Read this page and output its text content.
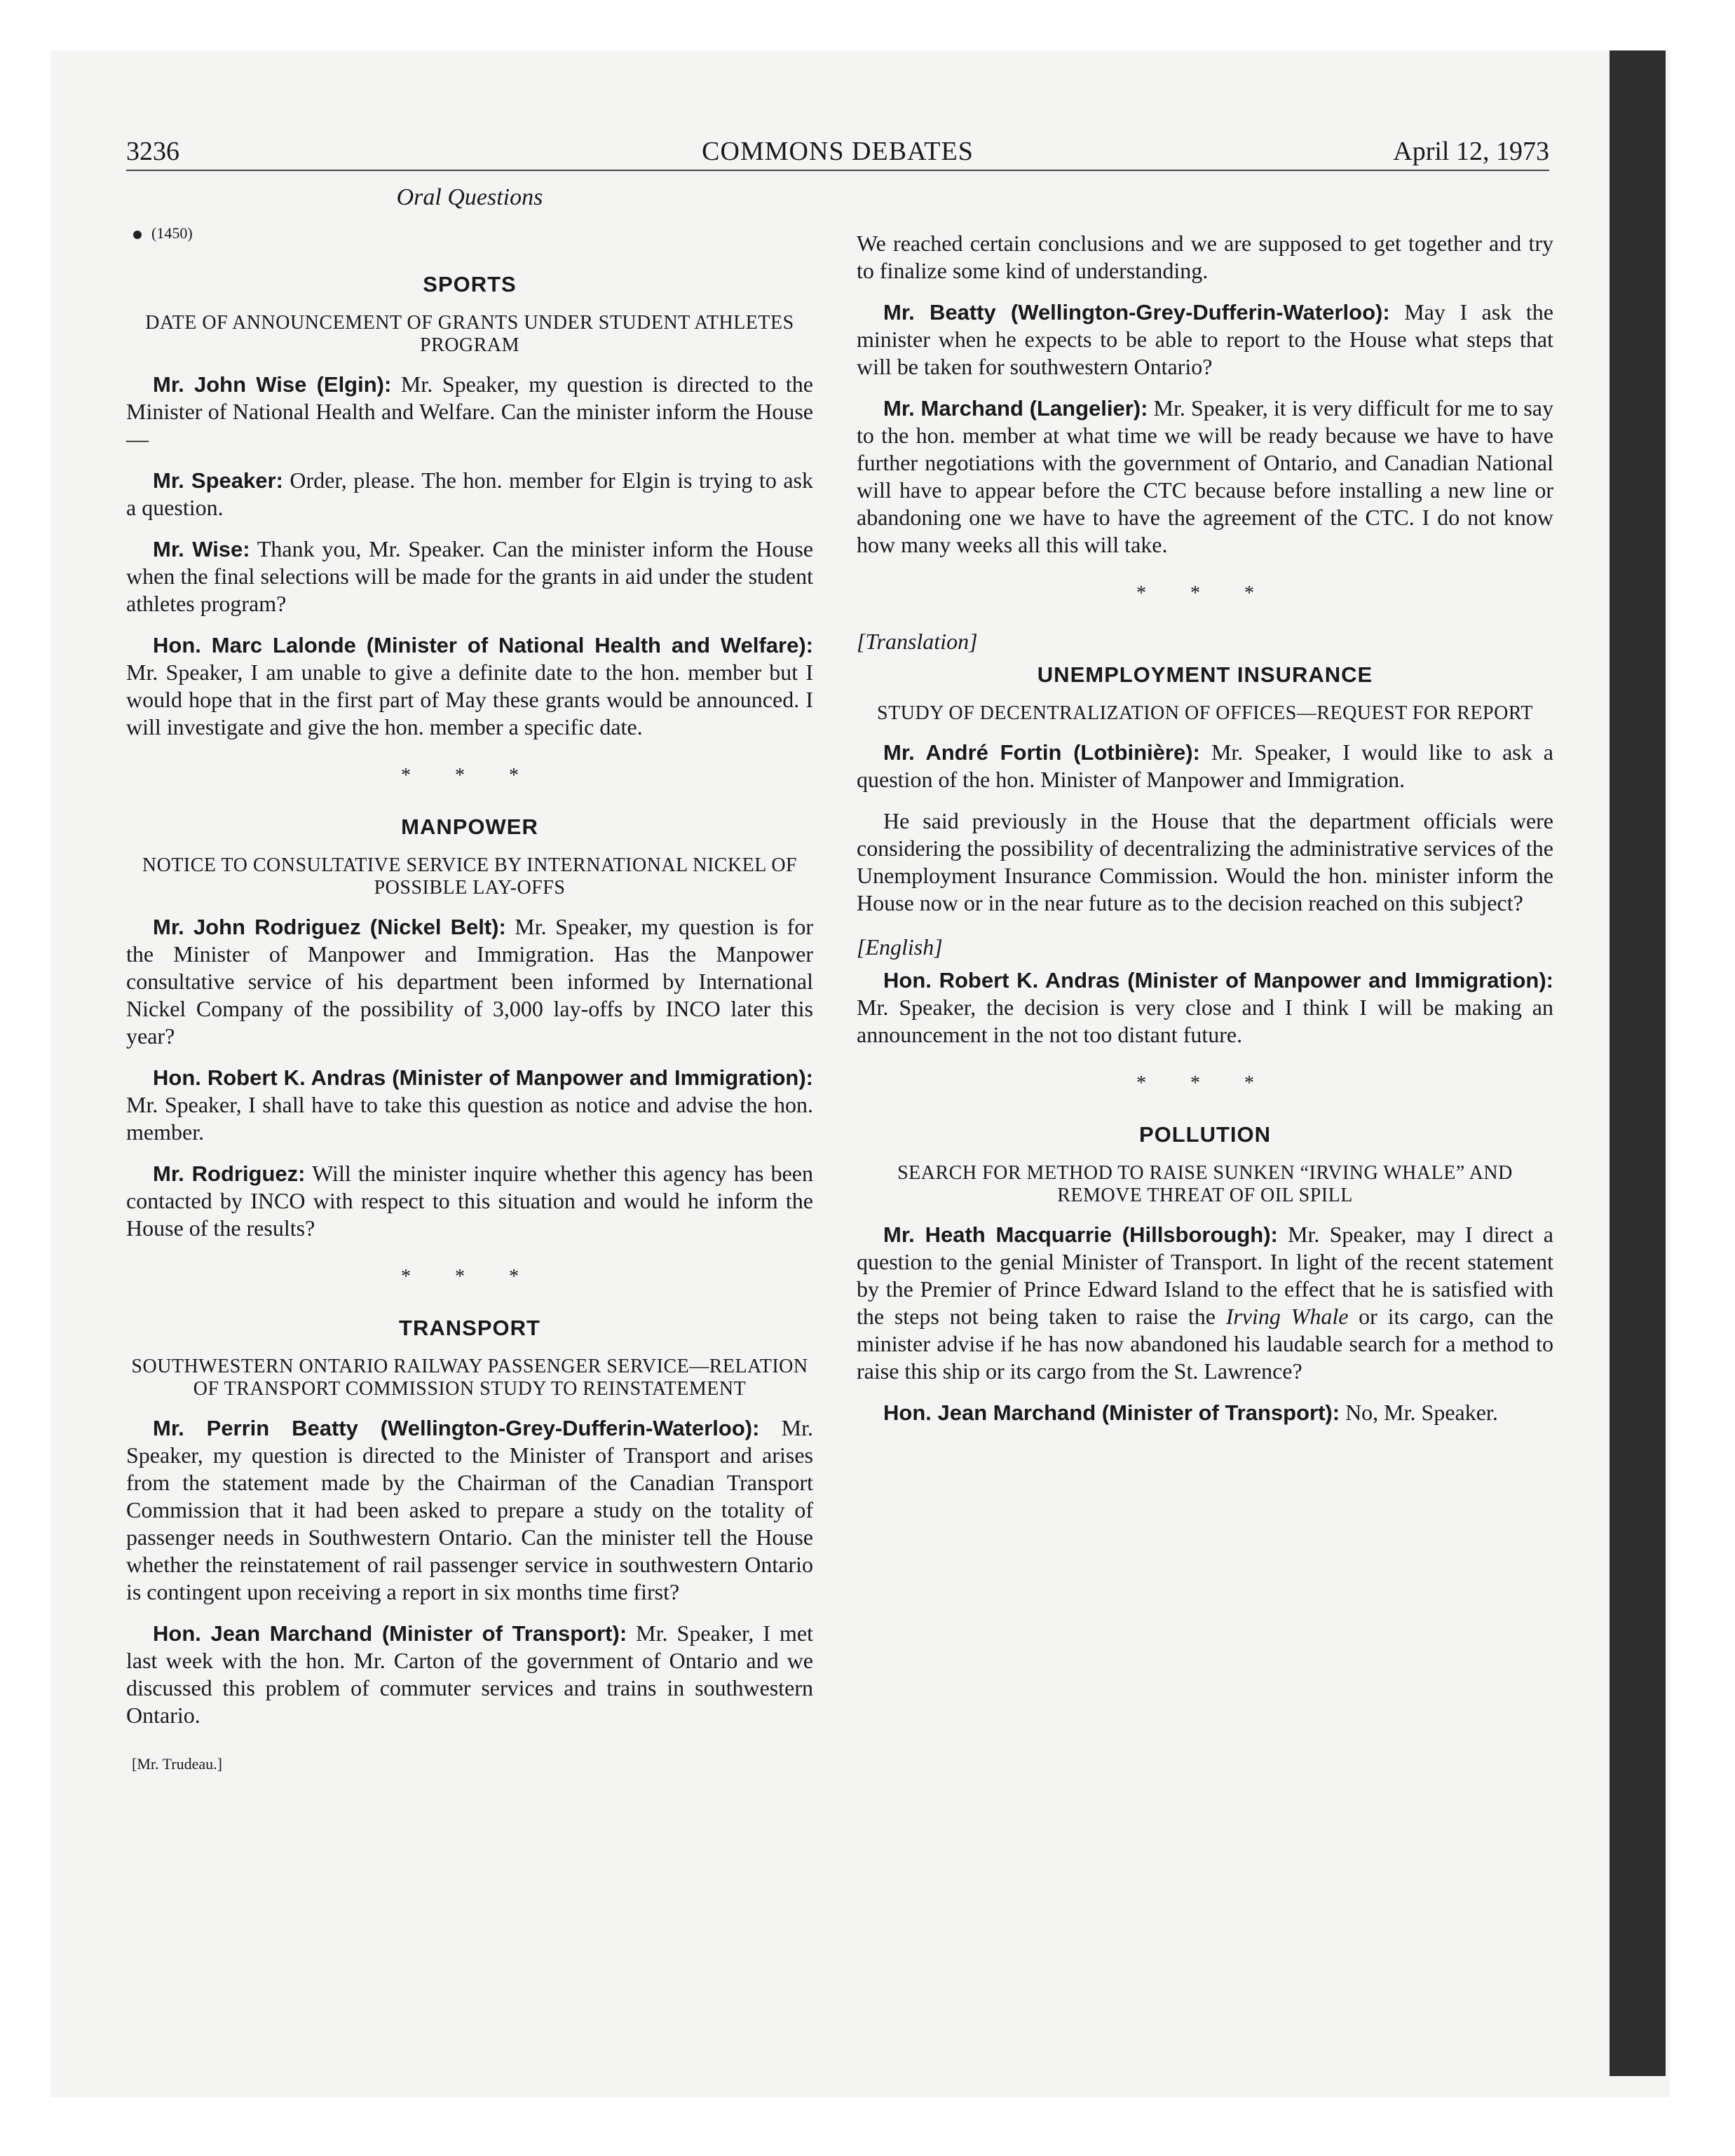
3236	COMMONS DEBATES	April 12, 1973
Oral Questions
(1450)
SPORTS
DATE OF ANNOUNCEMENT OF GRANTS UNDER STUDENT ATHLETES PROGRAM

Mr. John Wise (Elgin): Mr. Speaker, my question is directed to the Minister of National Health and Welfare. Can the minister inform the House—

Mr. Speaker: Order, please. The hon. member for Elgin is trying to ask a question.

Mr. Wise: Thank you, Mr. Speaker. Can the minister inform the House when the final selections will be made for the grants in aid under the student athletes program?

Hon. Marc Lalonde (Minister of National Health and Welfare): Mr. Speaker, I am unable to give a definite date to the hon. member but I would hope that in the first part of May these grants would be announced. I will investigate and give the hon. member a specific date.

* * *
MANPOWER
NOTICE TO CONSULTATIVE SERVICE BY INTERNATIONAL NICKEL OF POSSIBLE LAY-OFFS

Mr. John Rodriguez (Nickel Belt): Mr. Speaker, my question is for the Minister of Manpower and Immigration. Has the Manpower consultative service of his department been informed by International Nickel Company of the possibility of 3,000 lay-offs by INCO later this year?

Hon. Robert K. Andras (Minister of Manpower and Immigration): Mr. Speaker, I shall have to take this question as notice and advise the hon. member.

Mr. Rodriguez: Will the minister inquire whether this agency has been contacted by INCO with respect to this situation and would he inform the House of the results?

* * *
TRANSPORT
SOUTHWESTERN ONTARIO RAILWAY PASSENGER SERVICE—RELATION OF TRANSPORT COMMISSION STUDY TO REINSTATEMENT

Mr. Perrin Beatty (Wellington-Grey-Dufferin-Waterloo): Mr. Speaker, my question is directed to the Minister of Transport and arises from the statement made by the Chairman of the Canadian Transport Commission that it had been asked to prepare a study on the totality of passenger needs in Southwestern Ontario. Can the minister tell the House whether the reinstatement of rail passenger service in southwestern Ontario is contingent upon receiving a report in six months time first?

Hon. Jean Marchand (Minister of Transport): Mr. Speaker, I met last week with the hon. Mr. Carton of the government of Ontario and we discussed this problem of commuter services and trains in southwestern Ontario.

[Mr. Trudeau.]

We reached certain conclusions and we are supposed to get together and try to finalize some kind of understanding.

Mr. Beatty (Wellington-Grey-Dufferin-Waterloo): May I ask the minister when he expects to be able to report to the House what steps that will be taken for southwestern Ontario?

Mr. Marchand (Langelier): Mr. Speaker, it is very difficult for me to say to the hon. member at what time we will be ready because we have to have further negotiations with the government of Ontario, and Canadian National will have to appear before the CTC because before installing a new line or abandoning one we have to have the agreement of the CTC. I do not know how many weeks all this will take.

* * *
[Translation]
UNEMPLOYMENT INSURANCE
STUDY OF DECENTRALIZATION OF OFFICES—REQUEST FOR REPORT

Mr. André Fortin (Lotbinière): Mr. Speaker, I would like to ask a question of the hon. Minister of Manpower and Immigration.

He said previously in the House that the department officials were considering the possibility of decentralizing the administrative services of the Unemployment Insurance Commission. Would the hon. minister inform the House now or in the near future as to the decision reached on this subject?

[English]

Hon. Robert K. Andras (Minister of Manpower and Immigration): Mr. Speaker, the decision is very close and I think I will be making an announcement in the not too distant future.

* * *
POLLUTION
SEARCH FOR METHOD TO RAISE SUNKEN “IRVING WHALE” AND REMOVE THREAT OF OIL SPILL

Mr. Heath Macquarrie (Hillsborough): Mr. Speaker, may I direct a question to the genial Minister of Transport. In light of the recent statement by the Premier of Prince Edward Island to the effect that he is satisfied with the steps not being taken to raise the Irving Whale or its cargo, can the minister advise if he has now abandoned his laudable search for a method to raise this ship or its cargo from the St. Lawrence?

Hon. Jean Marchand (Minister of Transport): No, Mr. Speaker.
